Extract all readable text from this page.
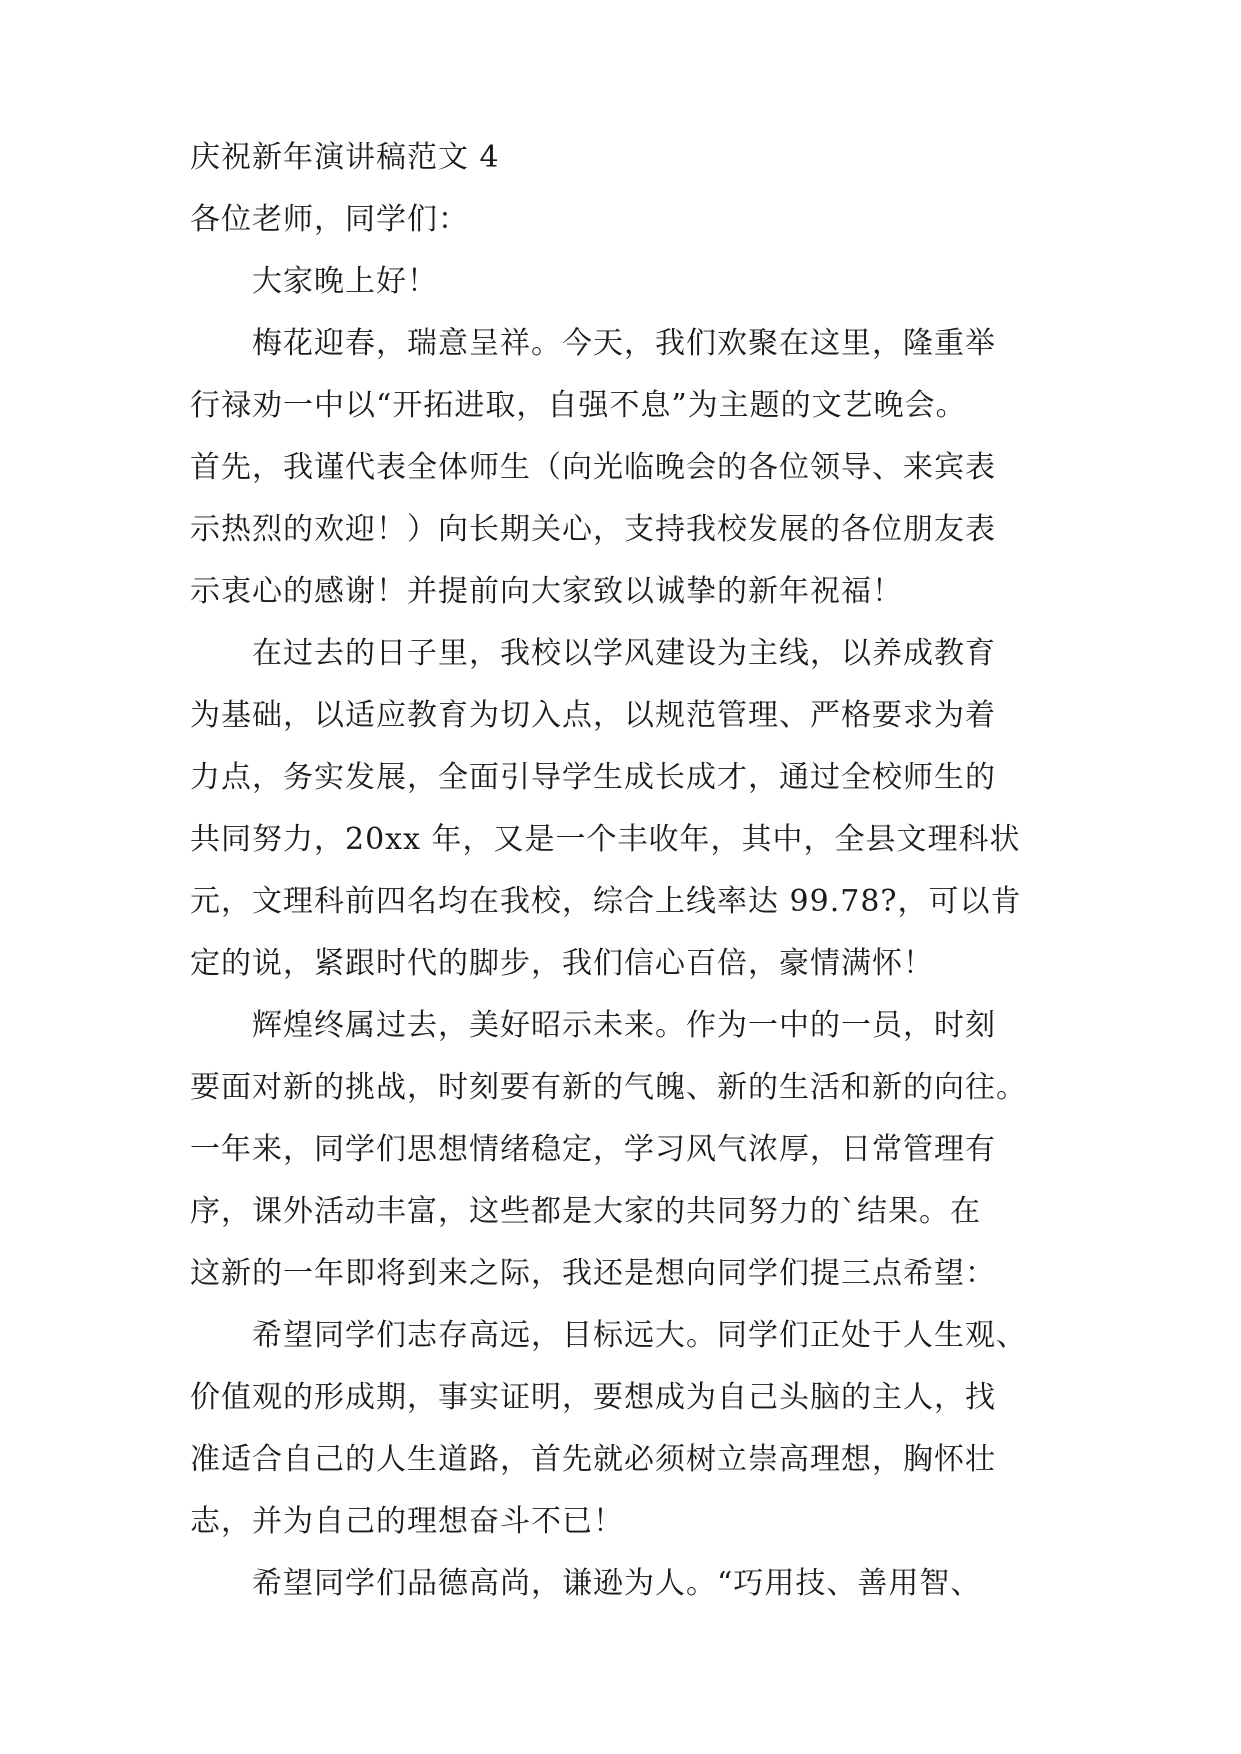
庆祝新年演讲稿范文 4
各位老师，同学们：
大家晚上好！
梅花迎春，瑞意呈祥。今天，我们欢聚在这里，隆重举
行禄劝一中以“开拓进取，自强不息”为主题的文艺晚会。
首先，我谨代表全体师生（向光临晚会的各位领导、来宾表
示热烈的欢迎！）向长期关心，支持我校发展的各位朋友表
示衷心的感谢！并提前向大家致以诚挚的新年祝福！
在过去的日子里，我校以学风建设为主线，以养成教育
为基础，以适应教育为切入点，以规范管理、严格要求为着
力点，务实发展，全面引导学生成长成才，通过全校师生的
共同努力，20xx 年，又是一个丰收年，其中，全县文理科状
元，文理科前四名均在我校，综合上线率达 99.78?，可以肯
定的说，紧跟时代的脚步，我们信心百倍，豪情满怀！
辉煌终属过去，美好昭示未来。作为一中的一员，时刻
要面对新的挑战，时刻要有新的气魄、新的生活和新的向往。
一年来，同学们思想情绪稳定，学习风气浓厚，日常管理有
序，课外活动丰富，这些都是大家的共同努力的`结果。在
这新的一年即将到来之际，我还是想向同学们提三点希望：
希望同学们志存高远，目标远大。同学们正处于人生观、
价值观的形成期，事实证明，要想成为自己头脑的主人，找
准适合自己的人生道路，首先就必须树立崇高理想，胸怀壮
志，并为自己的理想奋斗不已！
希望同学们品德高尚，谦逊为人。“巧用技、善用智、
